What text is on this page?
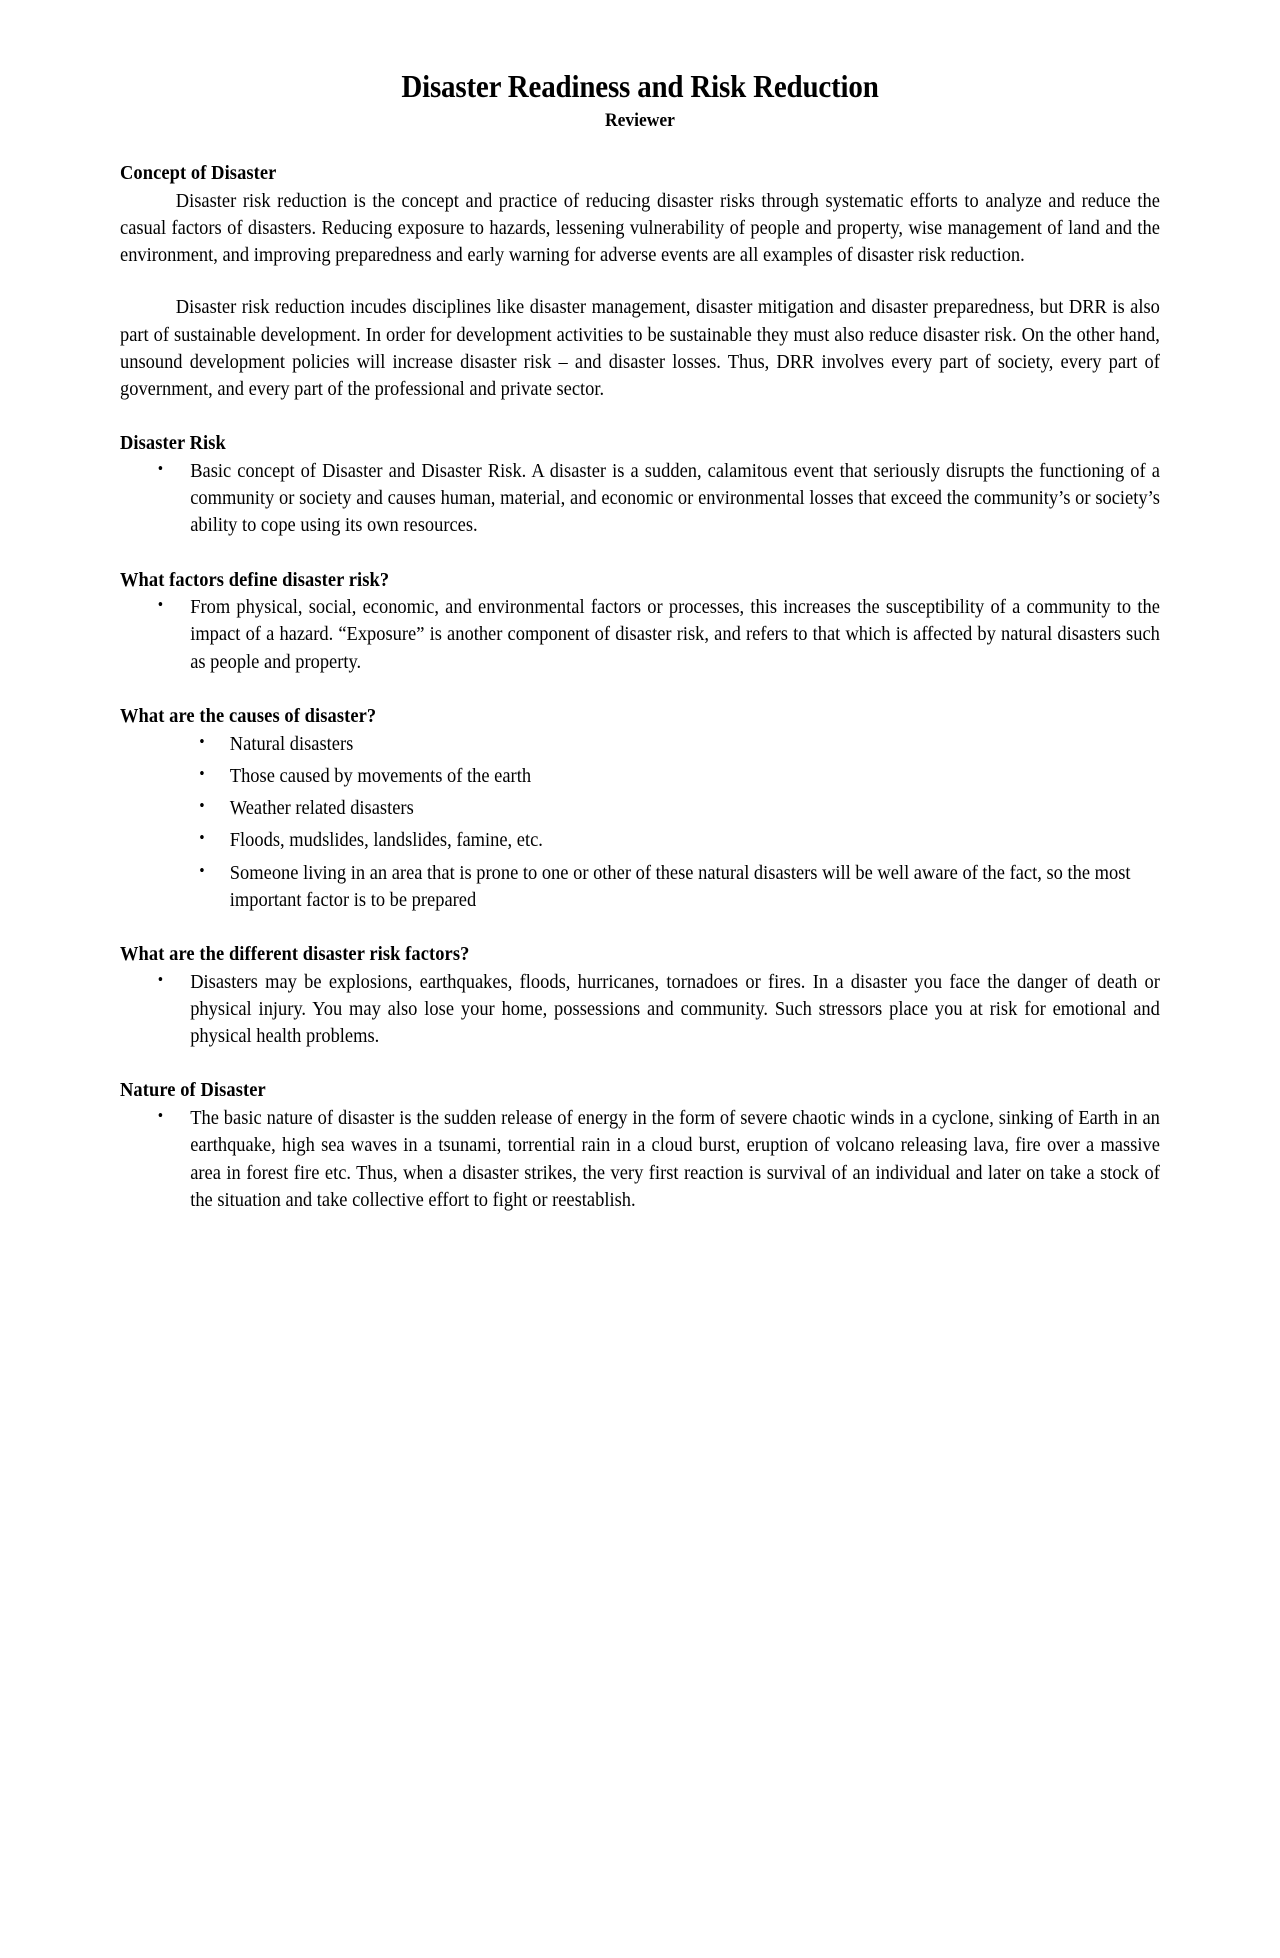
Disaster Readiness and Risk Reduction
Reviewer
Concept of Disaster

Disaster risk reduction is the concept and practice of reducing disaster risks through systematic efforts to analyze and reduce the casual factors of disasters. Reducing exposure to hazards, lessening vulnerability of people and property, wise management of land and the environment, and improving preparedness and early warning for adverse events are all examples of disaster risk reduction.

Disaster risk reduction incudes disciplines like disaster management, disaster mitigation and disaster preparedness, but DRR is also part of sustainable development. In order for development activities to be sustainable they must also reduce disaster risk. On the other hand, unsound development policies will increase disaster risk – and disaster losses. Thus, DRR involves every part of society, every part of government, and every part of the professional and private sector.

Disaster Risk
• Basic concept of Disaster and Disaster Risk. A disaster is a sudden, calamitous event that seriously disrupts the functioning of a community or society and causes human, material, and economic or environmental losses that exceed the community’s or society’s ability to cope using its own resources.
What factors define disaster risk?
• From physical, social, economic, and environmental factors or processes, this increases the susceptibility of a community to the impact of a hazard. “Exposure” is another component of disaster risk, and refers to that which is affected by natural disasters such as people and property.
What are the causes of disaster?
• Natural disasters
• Those caused by movements of the earth
• Weather related disasters
• Floods, mudslides, landslides, famine, etc.
• Someone living in an area that is prone to one or other of these natural disasters will be well aware of the fact, so the most important factor is to be prepared
What are the different disaster risk factors?
• Disasters may be explosions, earthquakes, floods, hurricanes, tornadoes or fires. In a disaster you face the danger of death or physical injury. You may also lose your home, possessions and community. Such stressors place you at risk for emotional and physical health problems.
Nature of Disaster
• The basic nature of disaster is the sudden release of energy in the form of severe chaotic winds in a cyclone, sinking of Earth in an earthquake, high sea waves in a tsunami, torrential rain in a cloud burst, eruption of volcano releasing lava, fire over a massive area in forest fire etc. Thus, when a disaster strikes, the very first reaction is survival of an individual and later on take a stock of the situation and take collective effort to fight or reestablish.
